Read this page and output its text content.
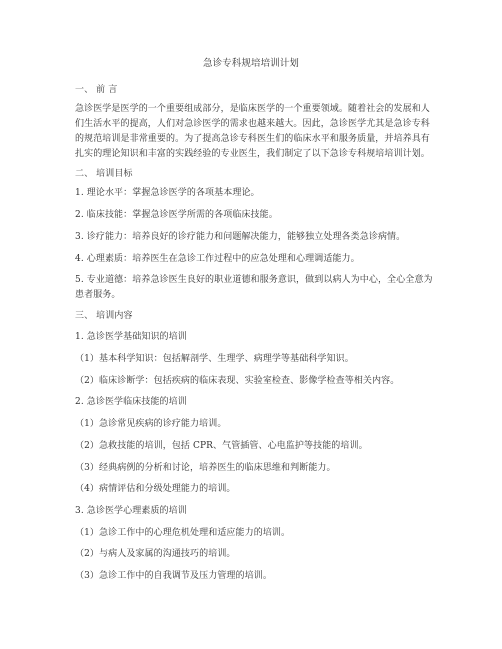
急诊专科规培培训计划
一、 前 言
急诊医学是医学的一个重要组成部分，是临床医学的一个重要领域。随着社会的发展和人
们生活水平的提高，人们对急诊医学的需求也越来越大。因此，急诊医学尤其是急诊专科
的规范培训是非常重要的。为了提高急诊专科医生们的临床水平和服务质量，并培养具有
扎实的理论知识和丰富的实践经验的专业医生，我们制定了以下急诊专科规培培训计划。
二、 培训目标
1. 理论水平：掌握急诊医学的各项基本理论。
2. 临床技能：掌握急诊医学所需的各项临床技能。
3. 诊疗能力：培养良好的诊疗能力和问题解决能力，能够独立处理各类急诊病情。
4. 心理素质：培养医生在急诊工作过程中的应急处理和心理调适能力。
5. 专业道德：培养急诊医生良好的职业道德和服务意识，做到以病人为中心，全心全意为
患者服务。
三、 培训内容
1. 急诊医学基础知识的培训
（1）基本科学知识：包括解剖学、生理学、病理学等基础科学知识。
（2）临床诊断学：包括疾病的临床表现、实验室检查、影像学检查等相关内容。
2. 急诊医学临床技能的培训
（1）急诊常见疾病的诊疗能力培训。
（2）急救技能的培训，包括 CPR、气管插管、心电监护等技能的培训。
（3）经典病例的分析和讨论，培养医生的临床思维和判断能力。
（4）病情评估和分级处理能力的培训。
3. 急诊医学心理素质的培训
（1）急诊工作中的心理危机处理和适应能力的培训。
（2）与病人及家属的沟通技巧的培训。
（3）急诊工作中的自我调节及压力管理的培训。
